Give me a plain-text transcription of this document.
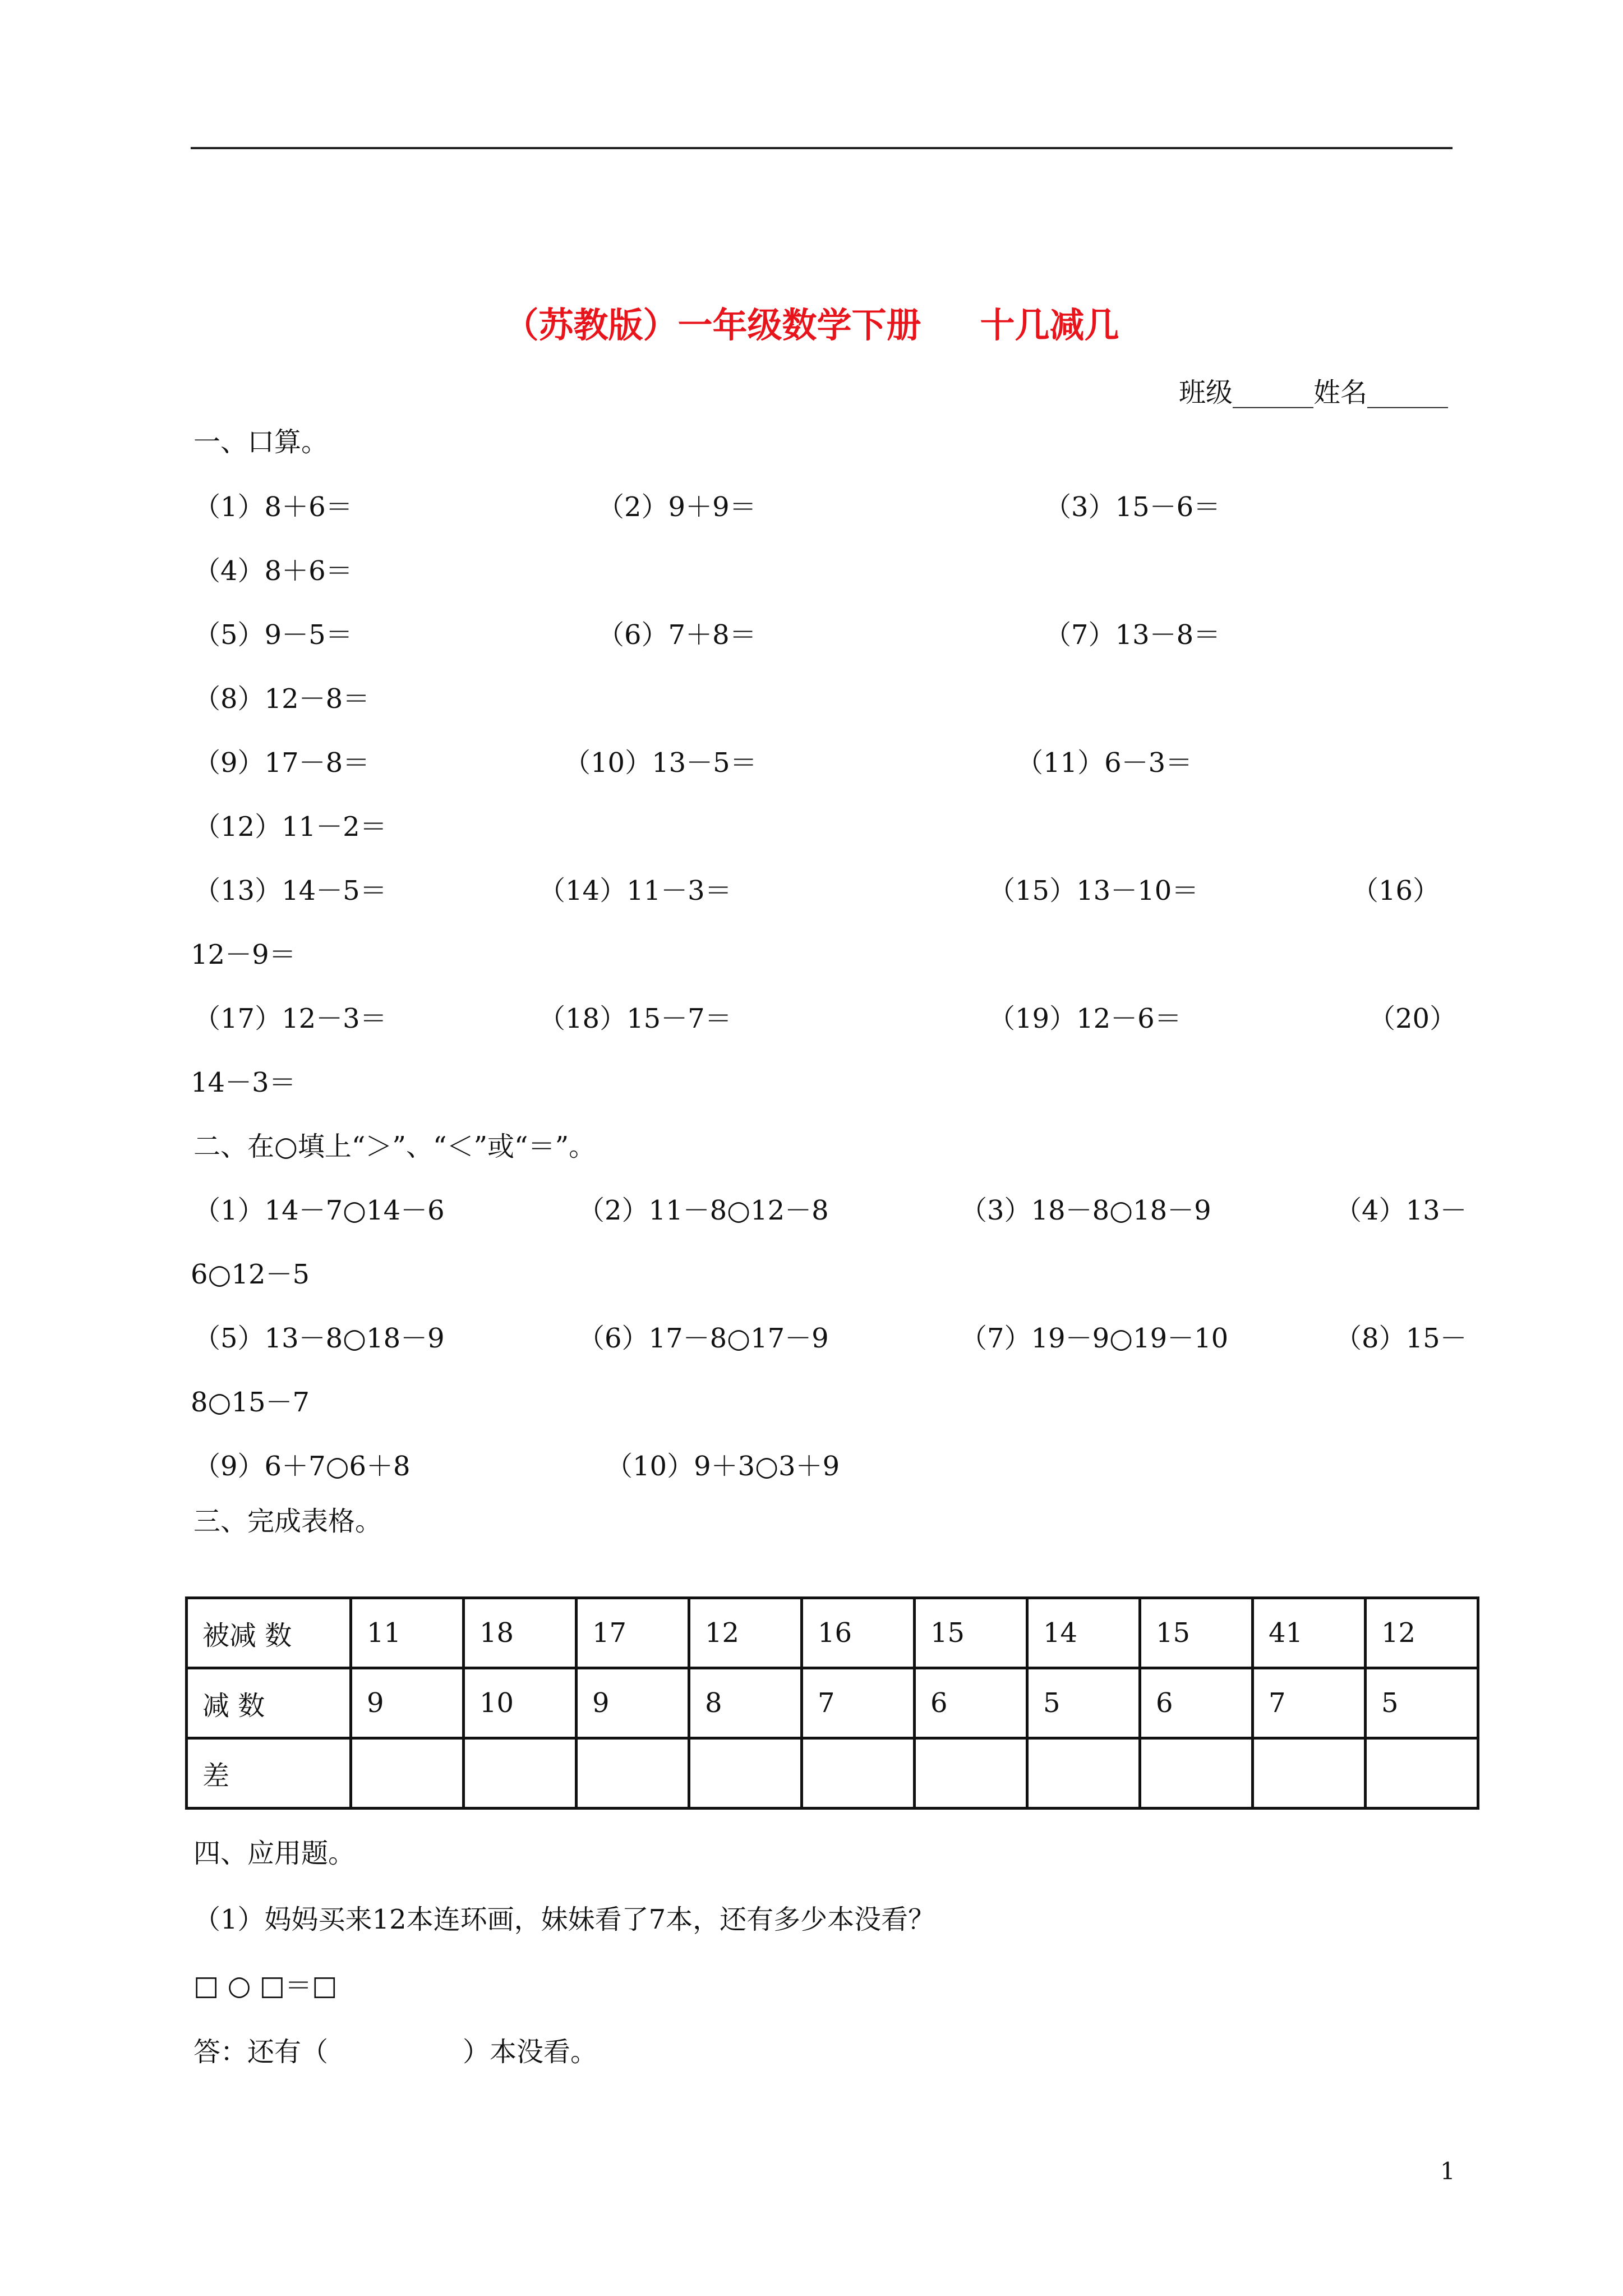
（苏教版）一年级数学下册 十几减几
班级______姓名______
一、口算。
（1）8＋6＝	（2）9＋9＝	（3）15－6＝
（4）8＋6＝
（5）9－5＝	（6）7＋8＝	（7）13－8＝
（8）12－8＝
（9）17－8＝	（10）13－5＝	（11）6－3＝
（12）11－2＝
（13）14－5＝	（14）11－3＝	（15）13－10＝	（16）
12－9＝
（17）12－3＝	（18）15－7＝	（19）12－6＝	（20）
14－3＝
二、在○填上“＞”、“＜”或“＝”。
（1）14－7○14－6	（2）11－8○12－8	（3）18－8○18－9	（4）13－
6○12－5
（5）13－8○18－9	（6）17－8○17－9	（7）19－9○19－10	（8）15－
8○15－7
（9）6＋7○6＋8	（10）9＋3○3＋9
三、完成表格。
被减 数	11	18	17	12	16	15	14	15	41	12
减 数	9	10	9	8	7	6	5	6	7	5
差										
四、应用题。
（1）妈妈买来12本连环画，妹妹看了7本，还有多少本没看？
□ ○ □＝□
答：还有（　　　　　）本没看。
1
